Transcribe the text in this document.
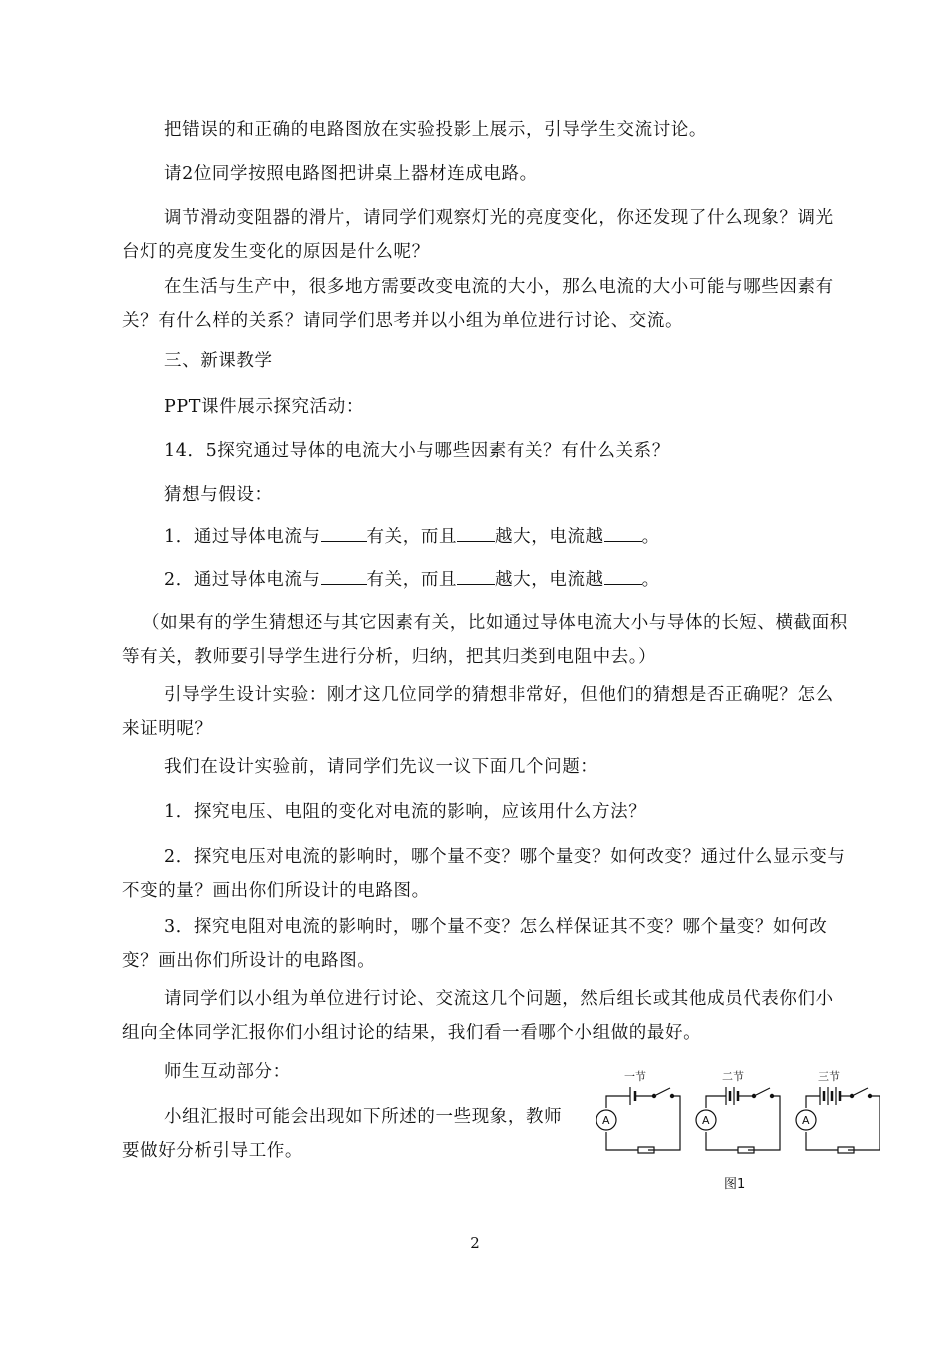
把错误的和正确的电路图放在实验投影上展示，引导学生交流讨论。

请2位同学按照电路图把讲桌上器材连成电路。

调节滑动变阻器的滑片，请同学们观察灯光的亮度变化，你还发现了什么现象？调光台灯的亮度发生变化的原因是什么呢？

在生活与生产中，很多地方需要改变电流的大小，那么电流的大小可能与哪些因素有关？有什么样的关系？请同学们思考并以小组为单位进行讨论、交流。

三、新课教学

PPT课件展示探究活动：

14．5探究通过导体的电流大小与哪些因素有关？有什么关系？

猜想与假设：

1．通过导体电流与	有关，而且 越大，电流越 。

2．通过导体电流与	有关，而且 越大，电流越 。

（如果有的学生猜想还与其它因素有关，比如通过导体电流大小与导体的长短、横截面积等有关，教师要引导学生进行分析，归纳，把其归类到电阻中去。）

引导学生设计实验：刚才这几位同学的猜想非常好，但他们的猜想是否正确呢？怎么来证明呢？

我们在设计实验前，请同学们先议一议下面几个问题：

1．探究电压、电阻的变化对电流的影响，应该用什么方法？

2．探究电压对电流的影响时，哪个量不变？哪个量变？如何改变？通过什么显示变与不变的量？画出你们所设计的电路图。

3．探究电阻对电流的影响时，哪个量不变？怎么样保证其不变？哪个量变？如何改变？画出你们所设计的电路图。

请同学们以小组为单位进行讨论、交流这几个问题，然后组长或其他成员代表你们小组向全体同学汇报你们小组讨论的结果，我们看一看哪个小组做的最好。

师生互动部分：

小组汇报时可能会出现如下所述的一些现象，教师要做好分析引导工作。

一节	二节	三节
A	A	A
图1
2
